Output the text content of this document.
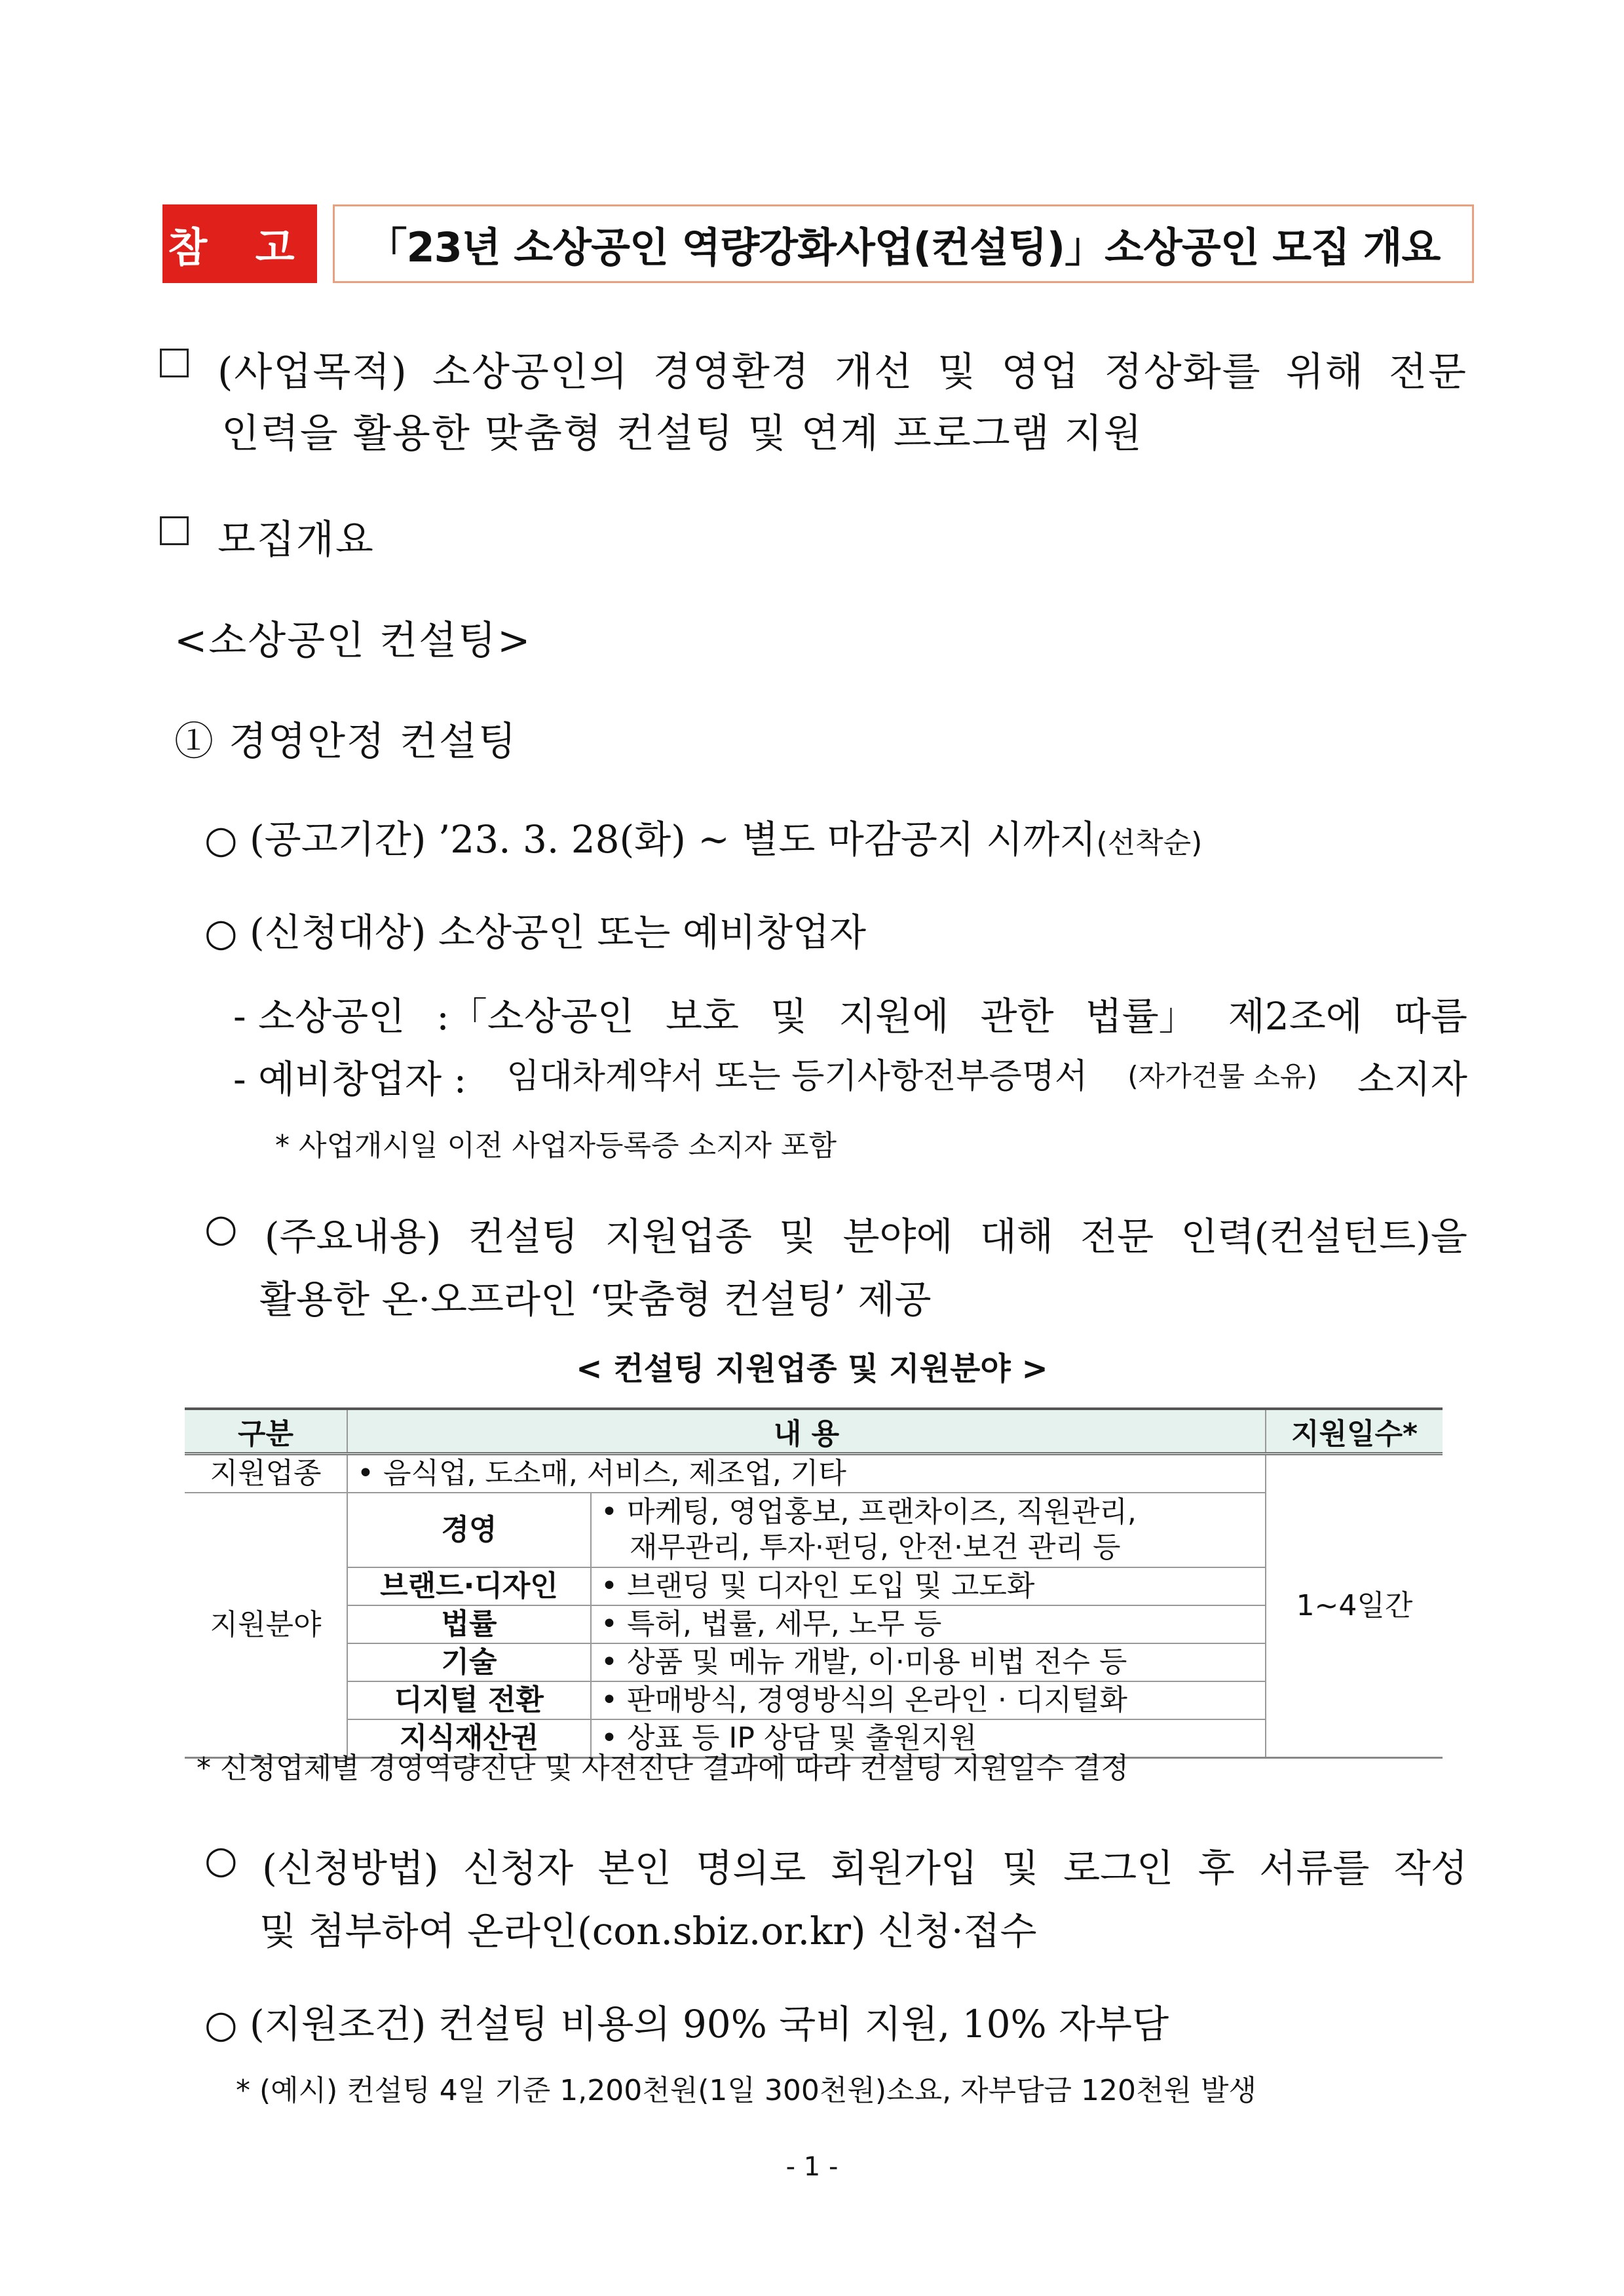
참 고	「23년 소상공인 역량강화사업(컨설팅)」소상공인 모집 개요
(사업목적) 소상공인의 경영환경 개선 및 영업 정상화를 위해 전문
인력을 활용한 맞춤형 컨설팅 및 연계 프로그램 지원
모집개요
<소상공인 컨설팅>
① 경영안정 컨설팅
○ (공고기간) ’23. 3. 28(화) ~ 별도 마감공지 시까지(선착순)
○ (신청대상) 소상공인 또는 예비창업자
- 소상공인 :「소상공인 보호 및 지원에 관한 법률」 제2조에 따름
- 예비창업자 : 임대차계약서 또는 등기사항전부증명서 (자가건물 소유) 소지자
* 사업개시일 이전 사업자등록증 소지자 포함
○ (주요내용) 컨설팅 지원업종 및 분야에 대해 전문 인력(컨설턴트)을
활용한 온·오프라인 ‘맞춤형 컨설팅’ 제공
< 컨설팅 지원업종 및 지원분야 >
구분	내 용		지원일수*
지원업종	• 음식업, 도소매, 서비스, 제조업, 기타		1~4일간
지원분야	경영	• 마케팅, 영업홍보, 프랜차이즈, 직원관리,
재무관리, 투자·펀딩, 안전·보건 관리 등	

	브랜드·디자인	• 브랜딩 및 디자인 도입 및 고도화	
	법률	• 특허, 법률, 세무, 노무 등	
	기술	• 상품 및 메뉴 개발, 이·미용 비법 전수 등	
	디지털 전환	• 판매방식, 경영방식의 온라인 · 디지털화	
	지식재산권	• 상표 등 IP 상담 및 출원지원	
* 신청업체별 경영역량진단 및 사전진단 결과에 따라 컨설팅 지원일수 결정
○ (신청방법) 신청자 본인 명의로 회원가입 및 로그인 후 서류를 작성
및 첨부하여 온라인(con.sbiz.or.kr) 신청·접수
○ (지원조건) 컨설팅 비용의 90% 국비 지원, 10% 자부담
* (예시) 컨설팅 4일 기준 1,200천원(1일 300천원)소요, 자부담금 120천원 발생
- 1 -
